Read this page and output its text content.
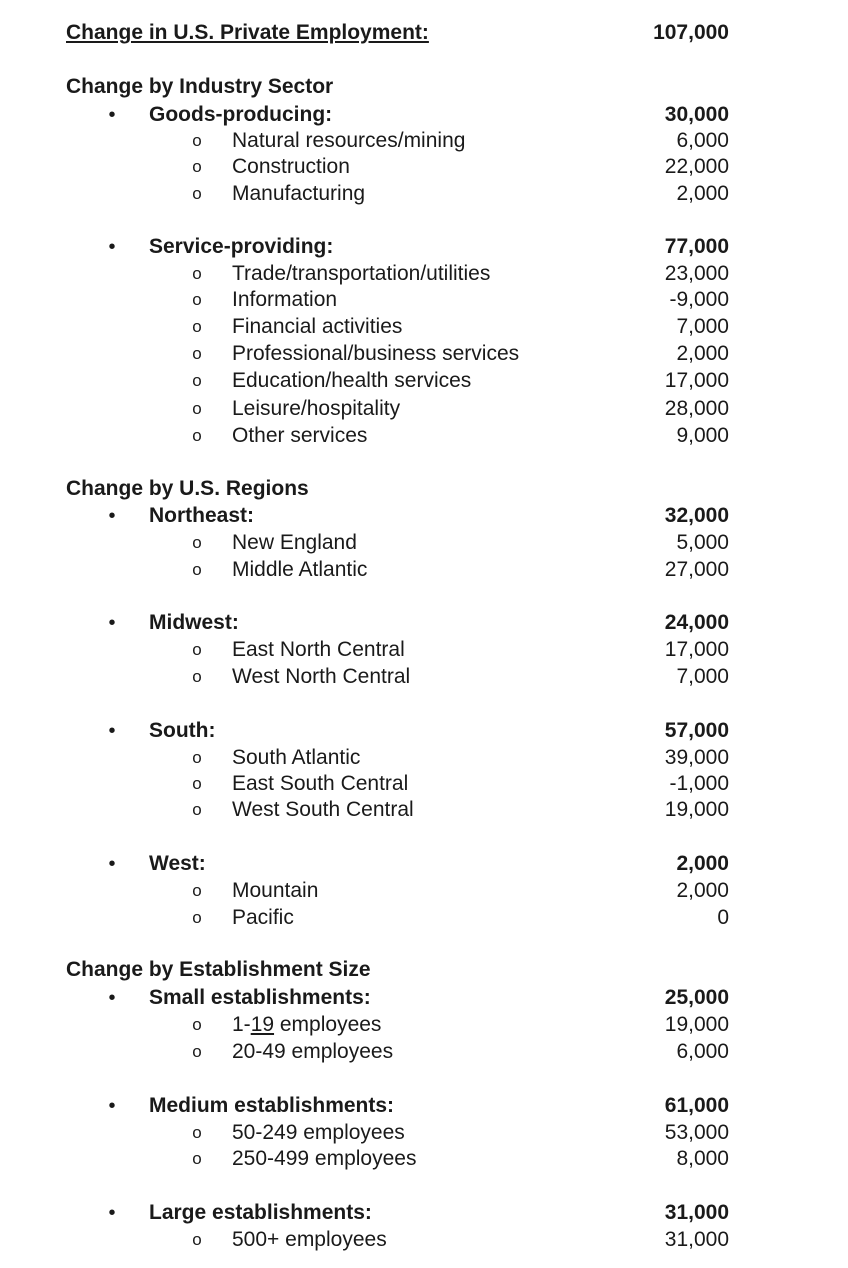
Change in U.S. Private Employment:	107,000
Change by Industry Sector
• Goods-producing:	30,000
o Natural resources/mining	6,000
o Construction	22,000
o Manufacturing	2,000
• Service-providing:	77,000
o Trade/transportation/utilities	23,000
o Information	-9,000
o Financial activities	7,000
o Professional/business services	2,000
o Education/health services	17,000
o Leisure/hospitality	28,000
o Other services	9,000
Change by U.S. Regions
• Northeast:	32,000
o New England	5,000
o Middle Atlantic	27,000
• Midwest:	24,000
o East North Central	17,000
o West North Central	7,000
• South:	57,000
o South Atlantic	39,000
o East South Central	-1,000
o West South Central	19,000
• West:	2,000
o Mountain	2,000
o Pacific	0
Change by Establishment Size
• Small establishments:	25,000
o 1-19 employees	19,000
o 20-49 employees	6,000
• Medium establishments:	61,000
o 50-249 employees	53,000
o 250-499 employees	8,000
• Large establishments:	31,000
o 500+ employees	31,000
